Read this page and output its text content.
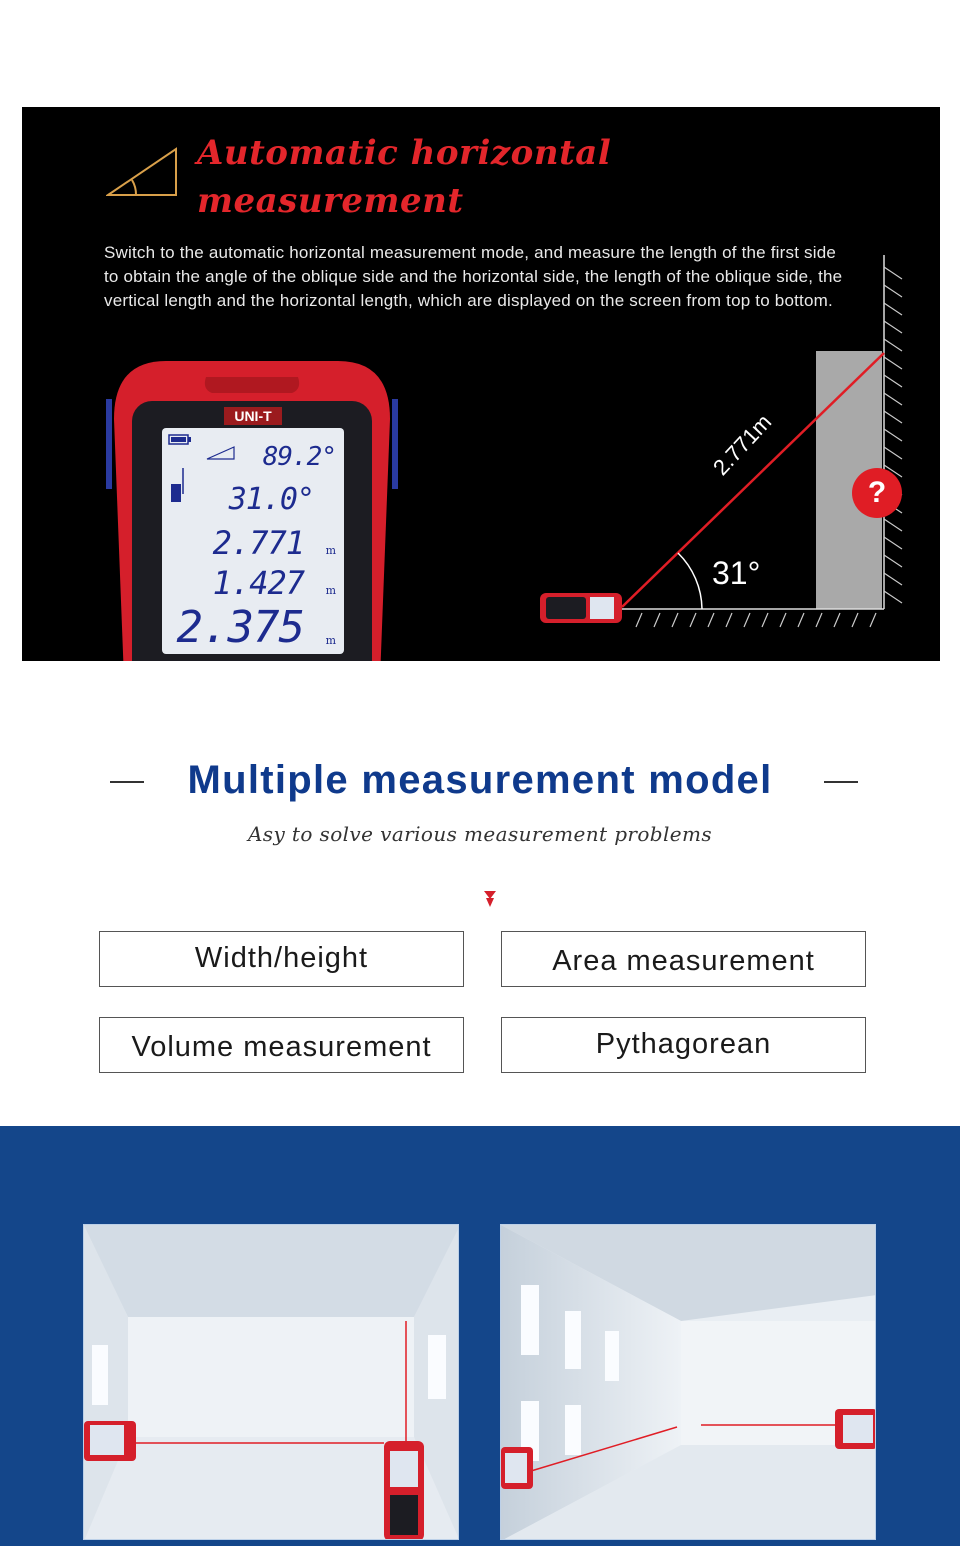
Automatic horizontal measurement
Switch to the automatic horizontal measurement mode, and measure the length of the first side to obtain the angle of the oblique side and the horizontal side, the length of the oblique side, the vertical length and the horizontal length, which are displayed on the screen from top to bottom.
UNI-T
89.2°
31.0°
2.771 m
1.427 m
2.375 m
2.771m
31°
?
Multiple measurement model
Asy to solve various measurement problems
Width/height	Area measurement
Volume measurement	Pythagorean
